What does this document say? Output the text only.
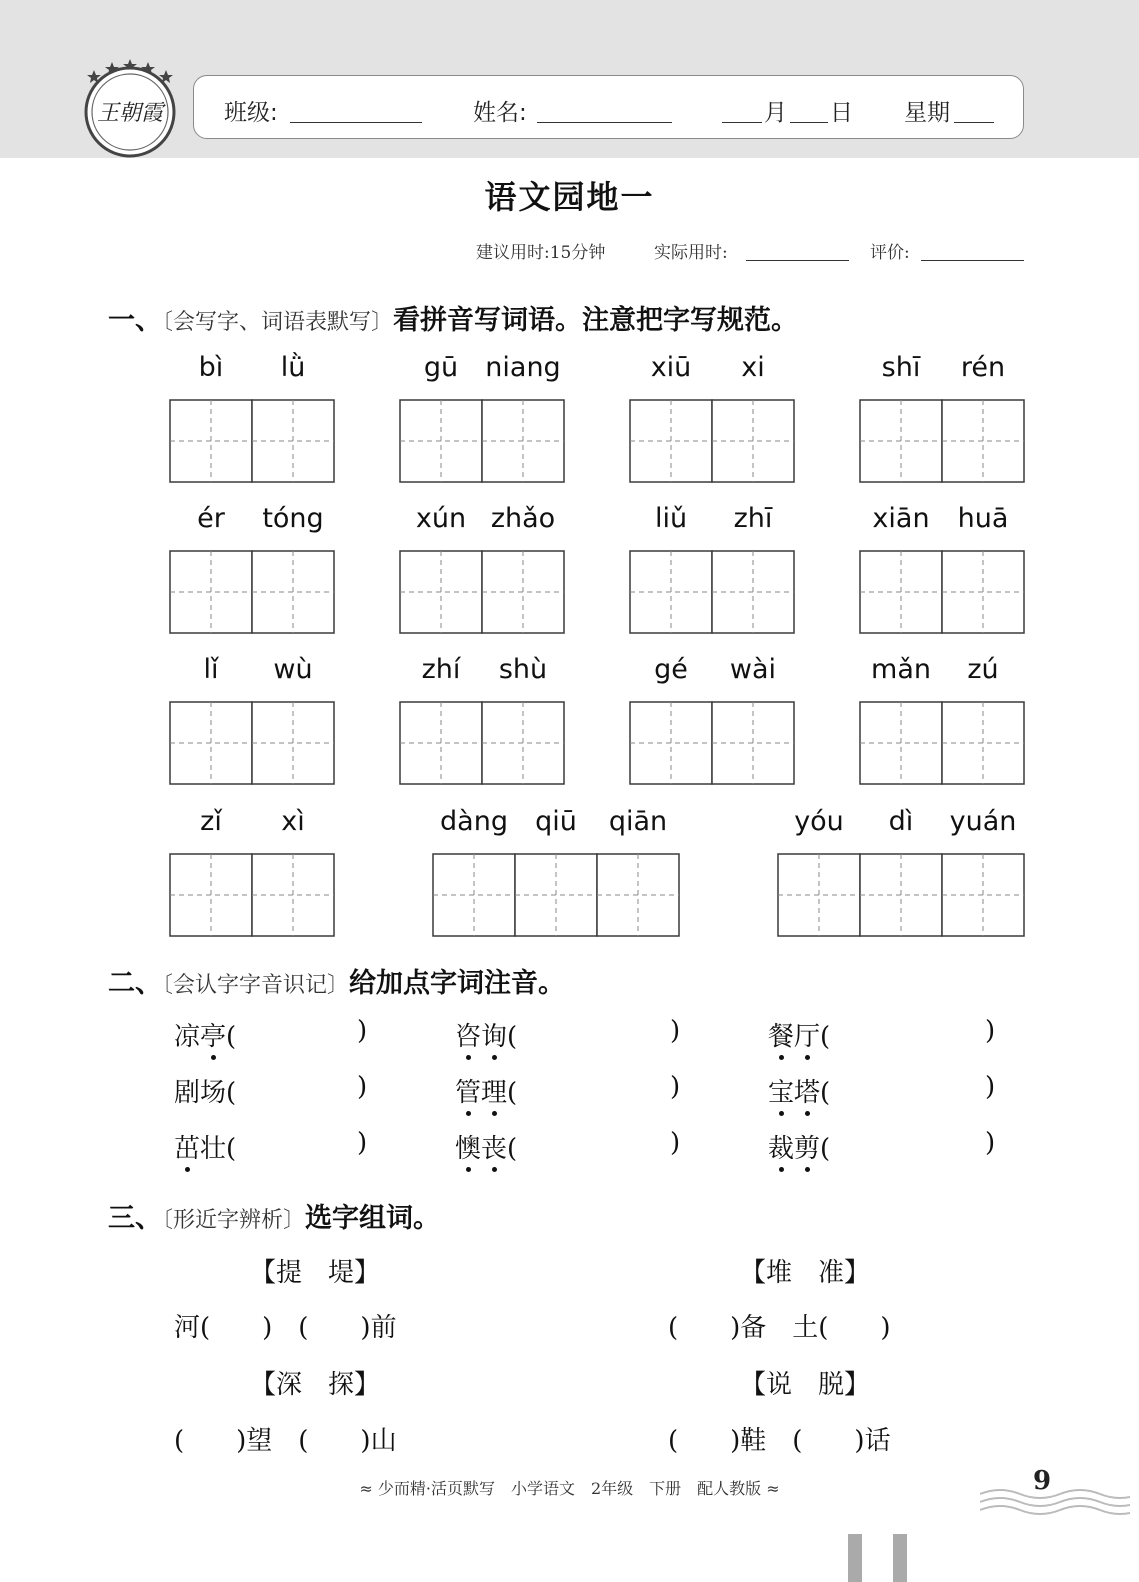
王朝霞	班级:	姓名:	月 日 星期
语文园地一
建议用时:15分钟	实际用时:	评价:
一、〔会写字、词语表默写〕看拼音写词语。注意把字写规范。
bì	lǜ	gū	niang	xiū	xi	shī	rén
ér	tóng	xún zhǎo	liǔ	zhī	xiān	huā
lǐ	wù	zhí	shù	gé	wài	mǎn	zú
zǐ	xì	dàng	qiū	qiān	yóu	dì	yuán
二、〔会认字字音识记〕给加点字词注音。
凉亭(	)	咨询(	)	餐厅(	)
剧场(	)	管理(	)	宝塔(	)
茁壮(	)	懊丧(	)	裁剪(	)
三、〔形近字辨析〕选字组词。
【提　堤】
河(　　)　(　　)前
【堆　准】
(　　)备　土(　　)
【深　探】
(　　)望　(　　)山
【说　脱】
(　　)鞋　(　　)话
≈ 少而精·活页默写　小学语文　2年级　下册　配人教版 ≈	9
